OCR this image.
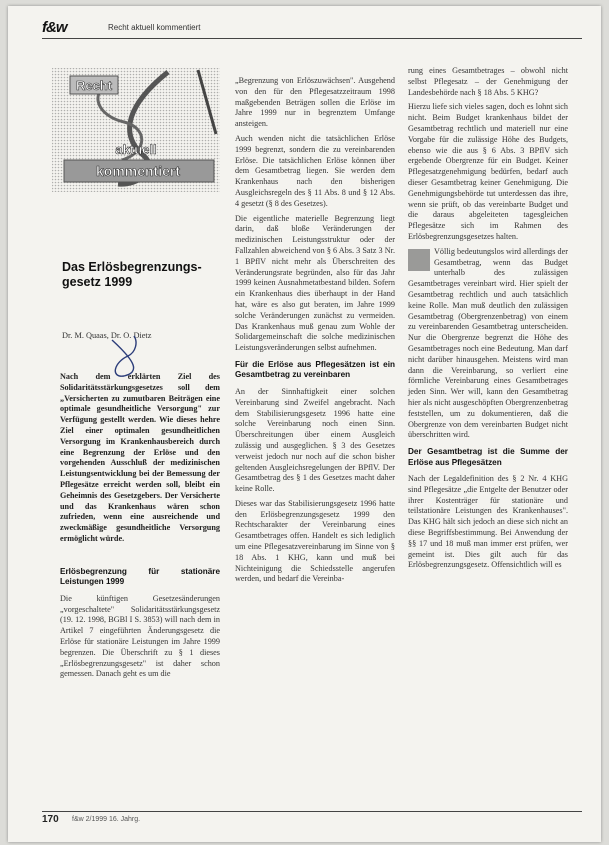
f&w	Recht aktuell kommentiert
Recht
aktuell
kommentiert
Das Erlösbegrenzungs-gesetz 1999
Dr. M. Quaas, Dr. O. Dietz

Nach dem erklärten Ziel des Solidaritätsstärkungsgesetzes soll dem „Versicherten zu zumutbaren Beiträgen eine optimale gesundheitliche Versorgung" zur Verfügung gestellt werden. Wie dieses hehre Ziel einer optimalen gesundheitlichen Versorgung im Krankenhausbereich durch eine Begrenzung der Erlöse und den vorgehenden Ausschluß der medizinischen Leistungsentwicklung bei der Bemessung der Pflegesätze erreicht werden soll, bleibt ein Geheimnis des Gesetzgebers. Der Versicherte und das Krankenhaus wären schon zufrieden, wenn eine ausreichende und zweckmäßige gesundheitliche Versorgung ermöglicht würde.

Erlösbegrenzung für stationäre Leistungen 1999

Die künftigen Gesetzesänderungen „vorgeschaltete" Solidaritätsstärkungsgesetz (19. 12. 1998, BGBl I S. 3853) will nach dem in Artikel 7 eingeführten Änderungsgesetz die Erlöse für stationäre Leistungen im Jahre 1999 begrenzen. Die Überschrift zu § 1 dieses „Erlösbegrenzungsgesetz" ist daher schon gemessen. Danach geht es um die

„Begrenzung von Erlöszuwächsen". Ausgehend von den für den Pflegesatzzeitraum 1998 maßgebenden Beträgen sollen die Erlöse im Jahre 1999 nur in begrenztem Umfange ansteigen.

Auch wenden nicht die tatsächlichen Erlöse 1999 begrenzt, sondern die zu vereinbarenden Erlöse. Die tatsächlichen Erlöse können über dem Gesamtbetrag liegen. Sie werden dem Krankenhaus nach den bisherigen Ausgleichsregeln des § 11 Abs. 8 und § 12 Abs. 4 gesetzt (§ 8 des Gesetzes).

Die eigentliche materielle Begrenzung liegt darin, daß bloße Veränderungen der medizinischen Leistungsstruktur oder der Fallzahlen abweichend von § 6 Abs. 3 Satz 3 Nr. 1 BPflV nicht mehr als Überschreiten des Veränderungsrate begründen, also für das Jahr 1999 keinen Ausnahmetatbestand bilden. Sofern ein Krankenhaus dies überhaupt in der Hand hat, wäre es also gut beraten, im Jahre 1999 solche Veränderungen zunächst zu vermeiden. Das Krankenhaus muß genau zum Wohle der Solidargemeinschaft die solche medizinischen Leistungsveränderungen selbst aufnehmen.

Für die Erlöse aus Pflegesätzen ist ein Gesamtbetrag zu vereinbaren

An der Sinnhaftigkeit einer solchen Vereinbarung sind Zweifel angebracht. Nach dem Stabilisierungsgesetz 1996 hatte eine solche Vereinbarung noch einen Sinn. Überschreitungen über einem Ausgleich zulässig und ausgeglichen. § 3 des Gesetzes verweist jedoch nur noch auf die schon bisher geltenden Ausgleichsregelungen der BPflV. Der Gesamtbetrag des § 1 des Gesetzes macht daher keine Rolle.

Dieses war das Stabilisierungsgesetz 1996 hatte den Erlösbegrenzungsgesetz 1999 den Rechtscharakter der Vereinbarung eines Gesamtbetrages offen. Handelt es sich lediglich um eine Pflegesatzvereinbarung im Sinne von § 18 Abs. 1 KHG, kann und muß bei Nichteinigung die Schiedsstelle angerufen werden, und bedarf die Vereinba-

rung eines Gesamtbetrages – obwohl nicht selbst Pflegesatz – der Genehmigung der Landesbehörde nach § 18 Abs. 5 KHG?

Hierzu liefe sich vieles sagen, doch es lohnt sich nicht. Beim Budget krankenhaus bildet der Gesamtbetrag rechtlich und materiell nur eine Vorgabe für die zulässige Höhe des Budgets, ebenso wie die aus § 6 Abs. 3 BPflV sich ergebende Obergrenze für ein Budget. Keiner Pflegesatzgenehmigung bedürfen, bedarf auch dieser Gesamtbetrag keiner Genehmigung. Die Genehmigungsbehörde tut unterdessen das ihre, wenn sie prüft, ob das vereinbarte Budget und die daraus abgeleiteten tagesgleichen Pflegesätze sich im Rahmen des Erlösbegrenzungsgesetzes halten.

Völlig bedeutungslos wird allerdings der Gesamtbetrag, wenn das Budget unterhalb des zulässigen Gesamtbetrages vereinbart wird. Hier spielt der Gesamtbetrag rechtlich und auch tatsächlich keine Rolle. Man muß deutlich den zulässigen Gesamtbetrag (Obergrenzenbetrag) von einem zu vereinbarenden Gesamtbetrag unterscheiden. Nur die Obergrenze begrenzt die Höhe des Gesamtbetrages noch eine Bedeutung. Man darf nicht darüber hinausgehen. Meistens wird man dann die Vereinbarung, so verliert eine förmliche Vereinbarung eines Gesamtbetrages jeden Sinn. Wer will, kann den Gesamtbetrag hier als nicht ausgeschöpften Obergrenzenbetrag feststellen, um zu dokumentieren, daß die Obergrenze von dem vereinbarten Budget nicht überschritten wird.

Der Gesamtbetrag ist die Summe der Erlöse aus Pflegesätzen

Nach der Legaldefinition des § 2 Nr. 4 KHG sind Pflegesätze „die Entgelte der Benutzer oder ihrer Kostenträger für stationäre und teilstationäre Leistungen des Krankenhauses". Das KHG hält sich jedoch an diese sich nicht an diese Begriffsbestimmung. Bei Anwendung der §§ 17 und 18 muß man immer erst prüfen, wer gemeint ist. Dies gilt auch für das Erlösbegrenzungsgesetz. Offensichtlich will es

170 f&w 2/1999 16. Jahrg.
